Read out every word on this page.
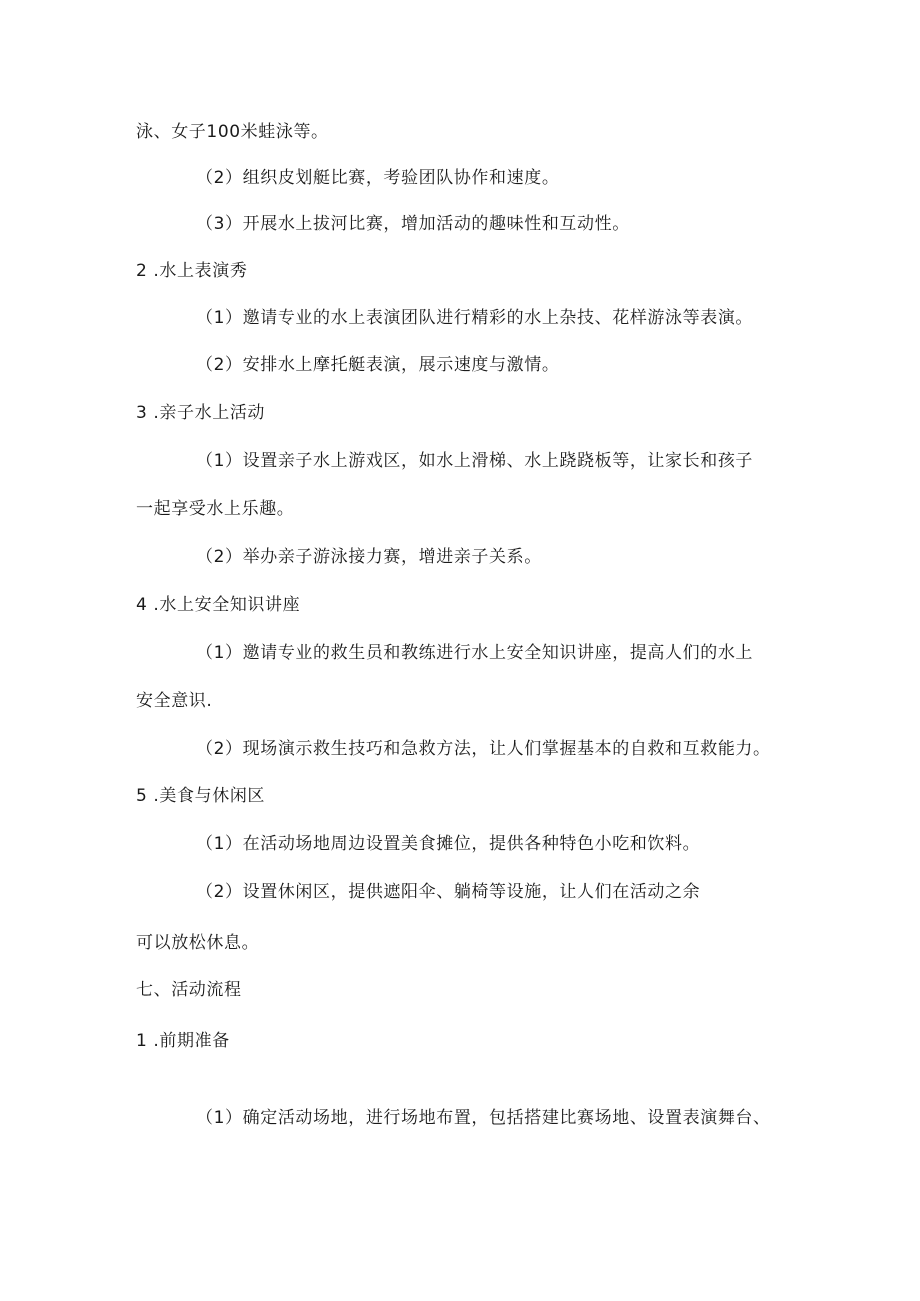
泳、女子100米蛙泳等。
（2）组织皮划艇比赛，考验团队协作和速度。
（3）开展水上拔河比赛，增加活动的趣味性和互动性。
2 .水上表演秀
（1）邀请专业的水上表演团队进行精彩的水上杂技、花样游泳等表演。
（2）安排水上摩托艇表演，展示速度与激情。
3 .亲子水上活动
（1）设置亲子水上游戏区，如水上滑梯、水上跷跷板等，让家长和孩子
一起享受水上乐趣。
（2）举办亲子游泳接力赛，增进亲子关系。
4 .水上安全知识讲座
（1）邀请专业的救生员和教练进行水上安全知识讲座，提高人们的水上
安全意识.
（2）现场演示救生技巧和急救方法，让人们掌握基本的自救和互救能力。
5 .美食与休闲区
（1）在活动场地周边设置美食摊位，提供各种特色小吃和饮料。
（2）设置休闲区，提供遮阳伞、躺椅等设施，让人们在活动之余
可以放松休息。
七、活动流程
1 .前期准备
（1）确定活动场地，进行场地布置，包括搭建比赛场地、设置表演舞台、
